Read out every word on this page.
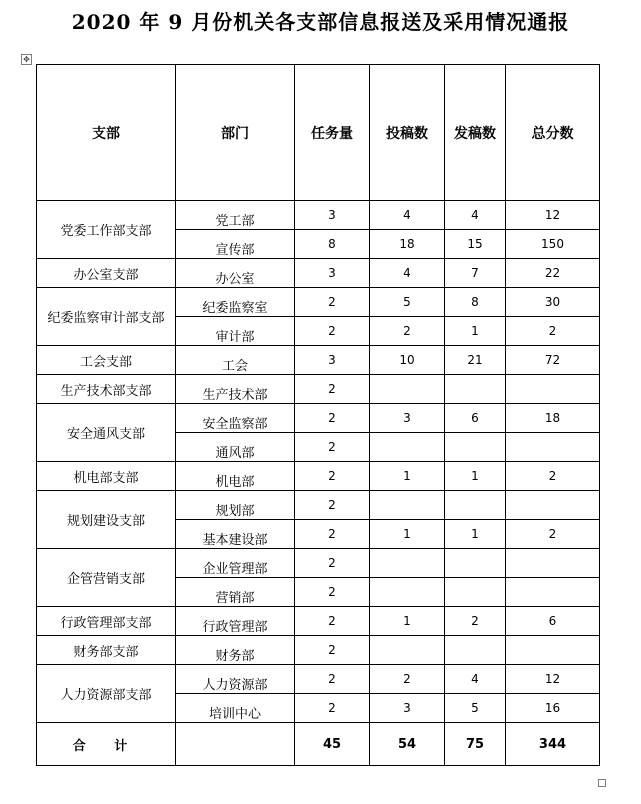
2020 年 9 月份机关各支部信息报送及采用情况通报
✥
支部	部门	任务量	投稿数	发稿数	总分数
党委工作部支部	党工部	3	4	4	12
	宣传部	8	18	15	150
办公室支部	办公室	3	4	7	22
纪委监察审计部支部	纪委监察室	2	5	8	30
	审计部	2	2	1	2
工会支部	工会	3	10	21	72
生产技术部支部	生产技术部	2			
安全通风支部	安全监察部	2	3	6	18
	通风部	2			
机电部支部	机电部	2	1	1	2
规划建设支部	规划部	2			
	基本建设部	2	1	1	2
企管营销支部	企业管理部	2			
	营销部	2			
行政管理部支部	行政管理部	2	1	2	6
财务部支部	财务部	2			
人力资源部支部	人力资源部	2	2	4	12
	培训中心	2	3	5	16
合 计		45	54	75	344
